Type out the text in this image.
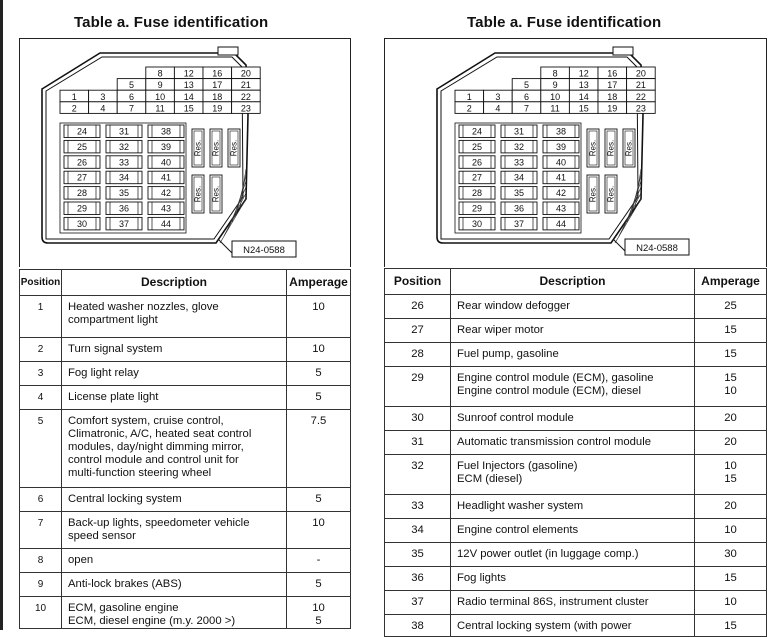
Table a. Fuse identification
8 12 16 20
5	9 13 17 21
1	3	6 10 14 18 22
2	4	7 11 15 19 23
24
25
26
27
28
29
30
31
32
33
34
35
36
37
38
39
40
41
42
43
44
Res. Res. Res.
Res. Res.
N24-0588
Position	Description	Amperage
1	Heated washer nozzles, glove
compartment light	10

2	Turn signal system	10

3	Fog light relay	5

4	License plate light	5

5	Comfort system, cruise control,
Climatronic, A/C, heated seat control
modules, day/night dimming mirror,
control module and control unit for
multi-function steering wheel	7.5

6	Central locking system	5

7	Back-up lights, speedometer vehicle
speed sensor	10

8	open	-

9	Anti-lock brakes (ABS)	5

10	ECM, gasoline engine
ECM, diesel engine (m.y. 2000 >)	10
5
Table a. Fuse identification
8 12 16 20
5	9 13 17 21
1	3	6 10 14 18 22
2	4	7 11 15 19 23
24
25
26
27
28
29
30
31
32
33
34
35
36
37
38
39
40
41
42
43
44
Res. Res. Res.
Res. Res.
N24-0588
Position	Description	Amperage
26	Rear window defogger	25

27	Rear wiper motor	15

28	Fuel pump, gasoline	15

29	Engine control module (ECM), gasoline
Engine control module (ECM), diesel	15
10

30	Sunroof control module	20

31	Automatic transmission control module	20

32	Fuel Injectors (gasoline)
ECM (diesel)	10
15

33	Headlight washer system	20

34	Engine control elements	10

35	12V power outlet (in luggage comp.)	30

36	Fog lights	15

37	Radio terminal 86S, instrument cluster	10

38	Central locking system (with power	15
